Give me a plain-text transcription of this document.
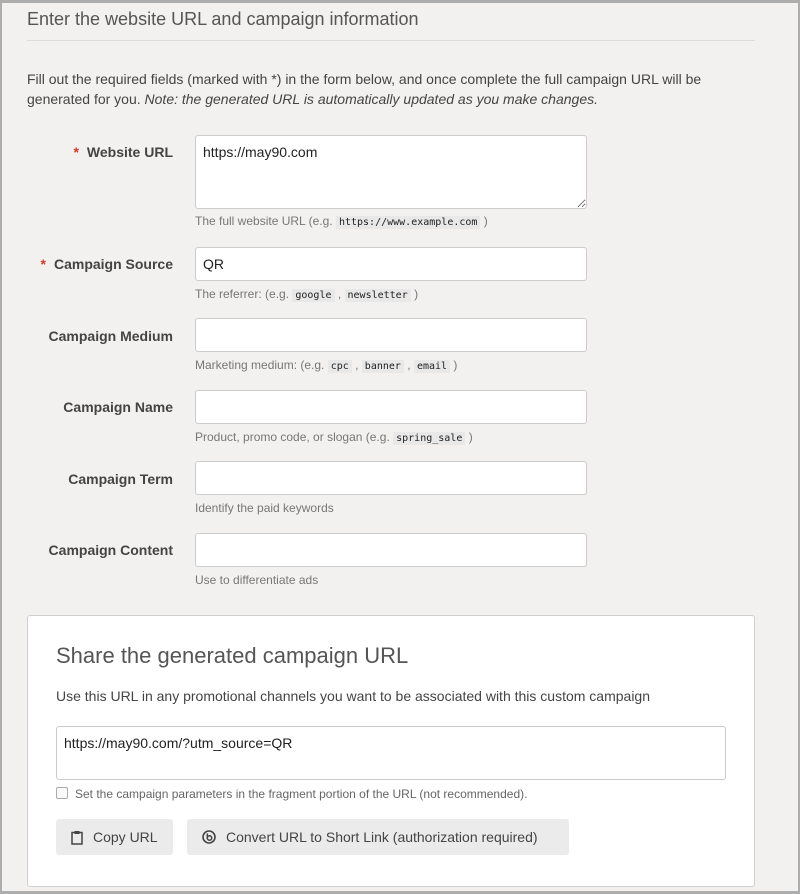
Enter the website URL and campaign information
Fill out the required fields (marked with *) in the form below, and once complete the full campaign URL will be generated for you. Note: the generated URL is automatically updated as you make changes.
* Website URL
https://may90.com
The full website URL (e.g. https://www.example.com )
* Campaign Source	QR
The referrer: (e.g. google , newsletter )
Campaign Medium
Marketing medium: (e.g. cpc , banner , email )
Campaign Name
Product, promo code, or slogan (e.g. spring_sale )
Campaign Term
Identify the paid keywords
Campaign Content
Use to differentiate ads
Share the generated campaign URL

Use this URL in any promotional channels you want to be associated with this custom campaign

https://may90.com/?utm_source=QR
Set the campaign parameters in the fragment portion of the URL (not recommended).
Copy URL	Convert URL to Short Link (authorization required)
